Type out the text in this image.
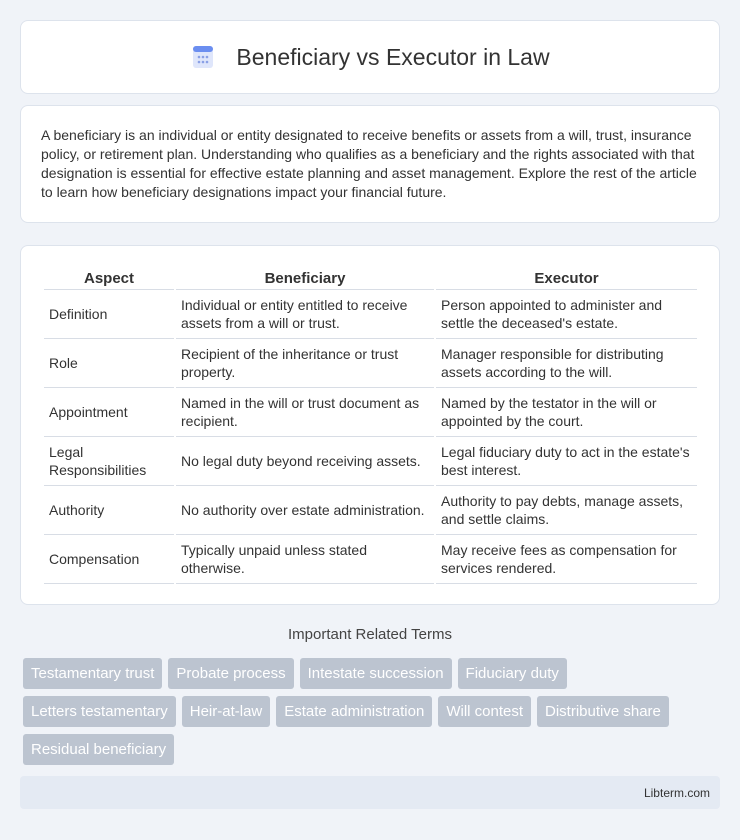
Beneficiary vs Executor in Law

A beneficiary is an individual or entity designated to receive benefits or assets from a will, trust, insurance policy, or retirement plan. Understanding who qualifies as a beneficiary and the rights associated with that designation is essential for effective estate planning and asset management. Explore the rest of the article to learn how beneficiary designations impact your financial future.

Aspect	Beneficiary	Executor
Definition	Individual or entity entitled to receive assets from a will or trust.	Person appointed to administer and settle the deceased's estate.
Role	Recipient of the inheritance or trust property.	Manager responsible for distributing assets according to the will.
Appointment	Named in the will or trust document as recipient.	Named by the testator in the will or appointed by the court.
Legal Responsibilities	No legal duty beyond receiving assets.	Legal fiduciary duty to act in the estate's best interest.
Authority	No authority over estate administration.	Authority to pay debts, manage assets, and settle claims.
Compensation	Typically unpaid unless stated otherwise.	May receive fees as compensation for services rendered.
Important Related Terms
Testamentary trust	Probate process	Intestate succession	Fiduciary duty
Letters testamentary	Heir-at-law	Estate administration	Will contest	Distributive share
Residual beneficiary
Libterm.com
